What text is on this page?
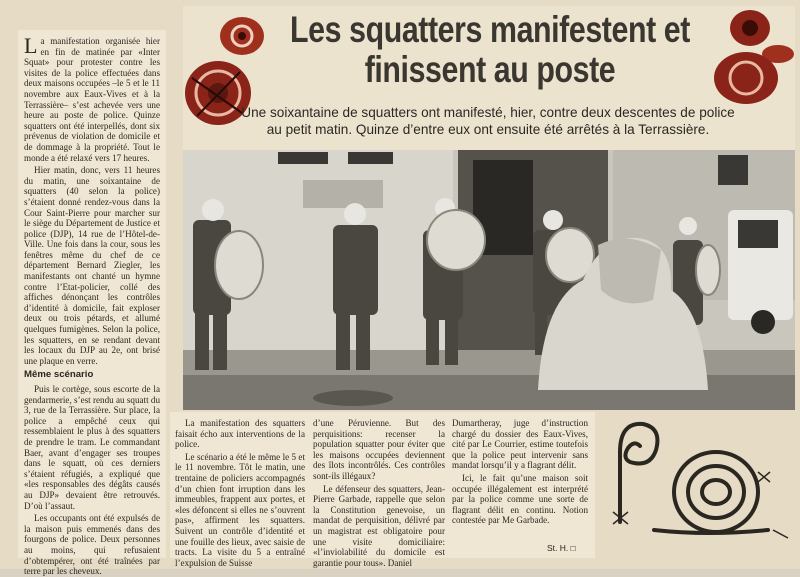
La manifestation organisée hier en fin de matinée par «Inter Squat» pour protester contre les visites de la police effectuées dans deux maisons occupées –le 5 et le 11 novembre aux Eaux-Vives et à la Terrassière– s’est achevée vers une heure au poste de police. Quinze squatters ont été interpellés, dont six prévenus de violation de domicile et de dommage à la propriété. Tout le monde a été relaxé vers 17 heures.

Hier matin, donc, vers 11 heures du matin, une soixantaine de squatters (40 selon la police) s’étaient donné rendez-vous dans la Cour Saint-Pierre pour marcher sur le siège du Département de Justice et police (DJP), 14 rue de l’Hôtel-de-Ville. Une fois dans la cour, sous les fenêtres même du chef de ce département Bernard Ziegler, les manifestants ont chanté un hymne contre l’Etat-policier, collé des affiches dénonçant les contrôles d’identité à domicile, fait exploser deux ou trois pétards, et allumé quelques fumigènes. Selon la police, les squatters, en se rendant devant les locaux du DJP au 2e, ont brisé une plaque en verre.

Même scénario

Puis le cortège, sous escorte de la gendarmerie, s’est rendu au squatt du 3, rue de la Terrassière. Sur place, la police a empêché ceux qui ressemblaient le plus à des squatters de prendre le tram. Le commandant Baer, avant d’engager ses troupes dans le squatt, où ces derniers s’étaient réfugiés, a expliqué que «les responsables des dégâts causés au DJP» devaient être retrouvés. D’où l’assaut.

Les occupants ont été expulsés de la maison puis emmenés dans des fourgons de police. Deux personnes au moins, qui refusaient d’obtempérer, ont été traînées par terre par les cheveux.

Les squatters manifestent et finissent au poste
Une soixantaine de squatters ont manifesté, hier, contre deux descentes de police au petit matin. Quinze d’entre eux ont ensuite été arrêtés à la Terrassière.

La manifestation des squatters faisait écho aux interventions de la police.

Le scénario a été le même le 5 et le 11 novembre. Tôt le matin, une trentaine de policiers accompagnés d’un chien font irruption dans les immeubles, frappent aux portes, et «les défoncent si elles ne s’ouvrent pas», affirment les squatters. Suivent un contrôle d’identité et une fouille des lieux, avec saisie de tracts. La visite du 5 a entraîné l’expulsion de Suisse

d’une Péruvienne. But des perquisitions: recenser la population squatter pour éviter que les maisons occupées deviennent des îlots incontrôlés. Ces contrôles sont-ils illégaux?

Le défenseur des squatters, Jean-Pierre Garbade, rappelle que selon la Constitution genevoise, un mandat de perquisition, délivré par un magistrat est obligatoire pour une visite domiciliaire: «l’inviolabilité du domicile est garantie pour tous». Daniel

Dumartheray, juge d’instruction chargé du dossier des Eaux-Vives, cité par Le Courrier, estime toutefois que la police peut intervenir sans mandat lorsqu’il y a flagrant délit.

Ici, le fait qu’une maison soit occupée illégalement est interprété par la police comme une sorte de flagrant délit en continu. Notion contestée par Me Garbade.

St. H. □
